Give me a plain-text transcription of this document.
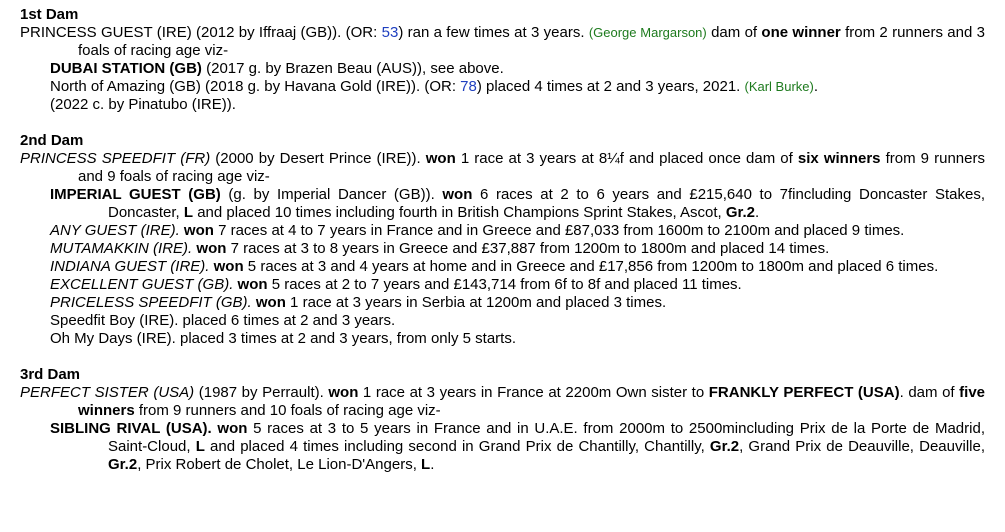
1st Dam
PRINCESS GUEST (IRE) (2012 by Iffraaj (GB)). (OR: 53) ran a few times at 3 years. (George Margarson) dam of one winner from 2 runners and 3 foals of racing age viz-
DUBAI STATION (GB) (2017 g. by Brazen Beau (AUS)), see above.
North of Amazing (GB) (2018 g. by Havana Gold (IRE)). (OR: 78) placed 4 times at 2 and 3 years, 2021. (Karl Burke).
(2022 c. by Pinatubo (IRE)).
2nd Dam
PRINCESS SPEEDFIT (FR) (2000 by Desert Prince (IRE)). won 1 race at 3 years at 8¼f and placed once dam of six winners from 9 runners and 9 foals of racing age viz-
IMPERIAL GUEST (GB) (g. by Imperial Dancer (GB)). won 6 races at 2 to 6 years and £215,640 to 7fincluding Doncaster Stakes, Doncaster, L and placed 10 times including fourth in British Champions Sprint Stakes, Ascot, Gr.2.
ANY GUEST (IRE). won 7 races at 4 to 7 years in France and in Greece and £87,033 from 1600m to 2100m and placed 9 times.
MUTAMAKKIN (IRE). won 7 races at 3 to 8 years in Greece and £37,887 from 1200m to 1800m and placed 14 times.
INDIANA GUEST (IRE). won 5 races at 3 and 4 years at home and in Greece and £17,856 from 1200m to 1800m and placed 6 times.
EXCELLENT GUEST (GB). won 5 races at 2 to 7 years and £143,714 from 6f to 8f and placed 11 times.
PRICELESS SPEEDFIT (GB). won 1 race at 3 years in Serbia at 1200m and placed 3 times.
Speedfit Boy (IRE). placed 6 times at 2 and 3 years.
Oh My Days (IRE). placed 3 times at 2 and 3 years, from only 5 starts.
3rd Dam
PERFECT SISTER (USA) (1987 by Perrault). won 1 race at 3 years in France at 2200m Own sister to FRANKLY PERFECT (USA). dam of five winners from 9 runners and 10 foals of racing age viz-
SIBLING RIVAL (USA). won 5 races at 3 to 5 years in France and in U.A.E. from 2000m to 2500mincluding Prix de la Porte de Madrid, Saint-Cloud, L and placed 4 times including second in Grand Prix de Chantilly, Chantilly, Gr.2, Grand Prix de Deauville, Deauville, Gr.2, Prix Robert de Cholet, Le Lion-D'Angers, L.
